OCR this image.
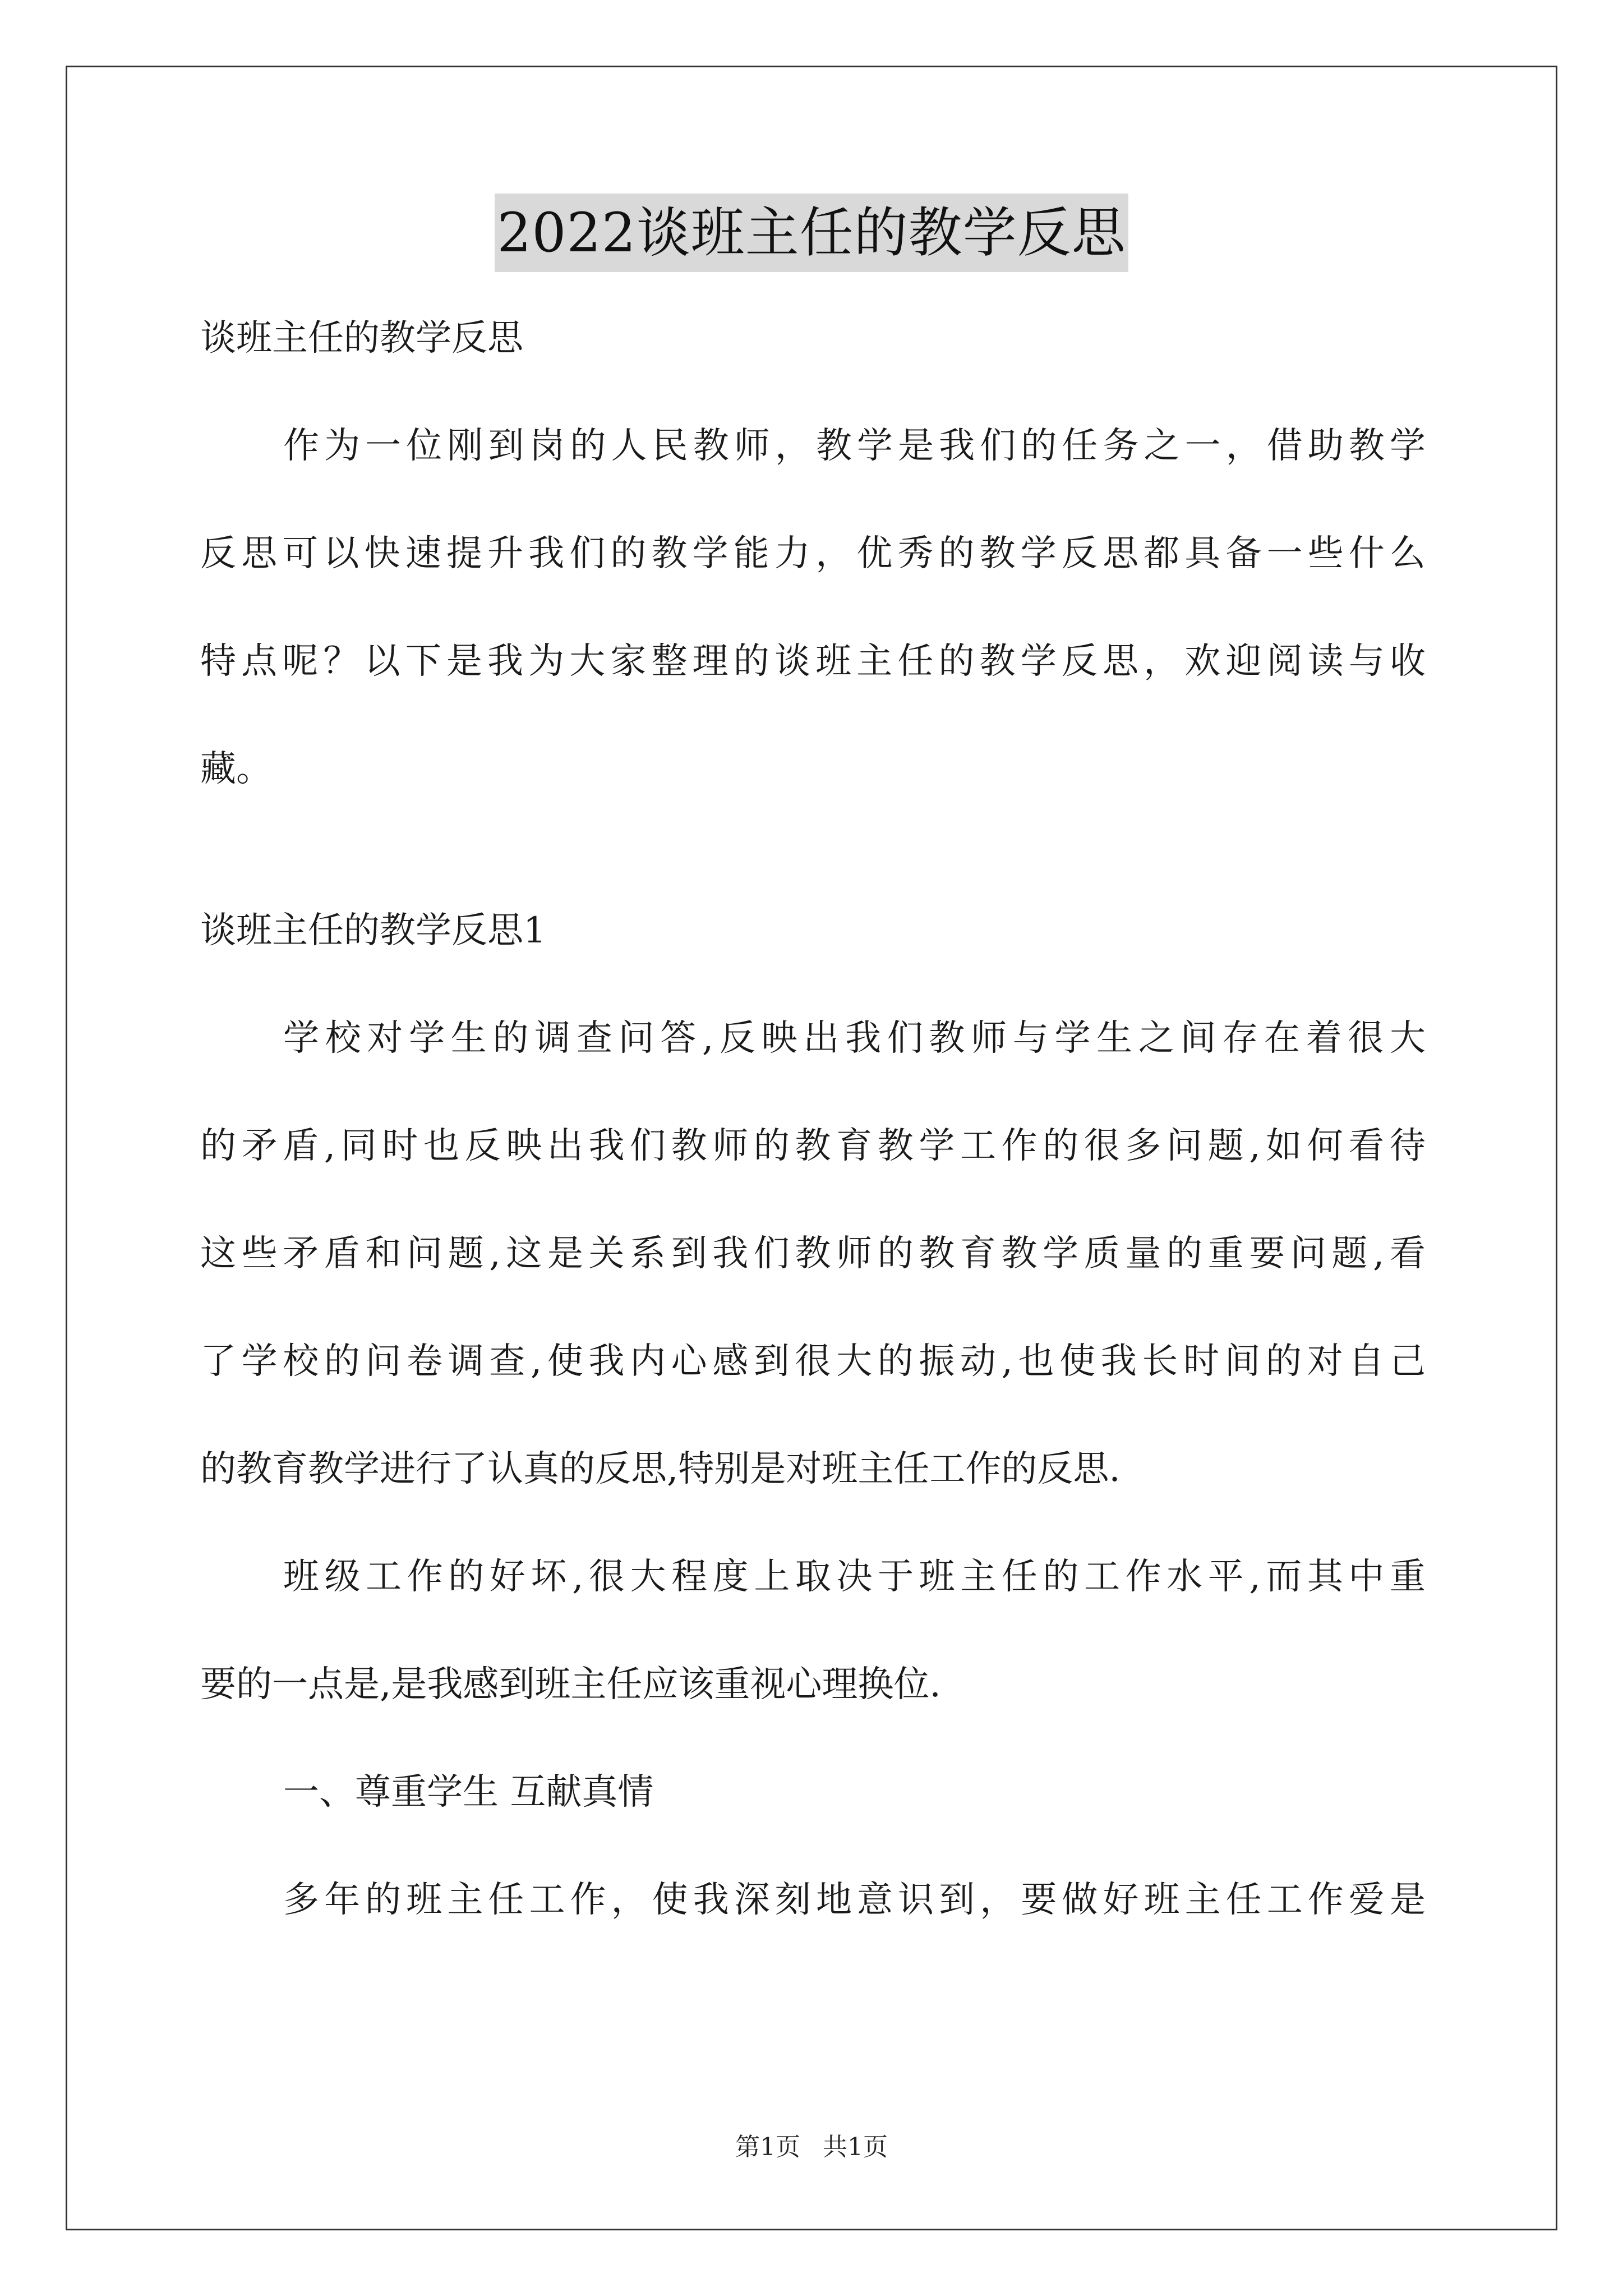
2022谈班主任的教学反思

谈班主任的教学反思

作为一位刚到岗的人民教师，教学是我们的任务之一，借助教学

反思可以快速提升我们的教学能力，优秀的教学反思都具备一些什么

特点呢？以下是我为大家整理的谈班主任的教学反思，欢迎阅读与收

藏。

谈班主任的教学反思1

学校对学生的调查问答,反映出我们教师与学生之间存在着很大

的矛盾,同时也反映出我们教师的教育教学工作的很多问题,如何看待

这些矛盾和问题,这是关系到我们教师的教育教学质量的重要问题,看

了学校的问卷调查,使我内心感到很大的振动,也使我长时间的对自己

的教育教学进行了认真的反思,特别是对班主任工作的反思.

班级工作的好坏,很大程度上取决于班主任的工作水平,而其中重

要的一点是,是我感到班主任应该重视心理换位.

一、尊重学生 互献真情

多年的班主任工作，使我深刻地意识到，要做好班主任工作爱是

第1页 共1页
